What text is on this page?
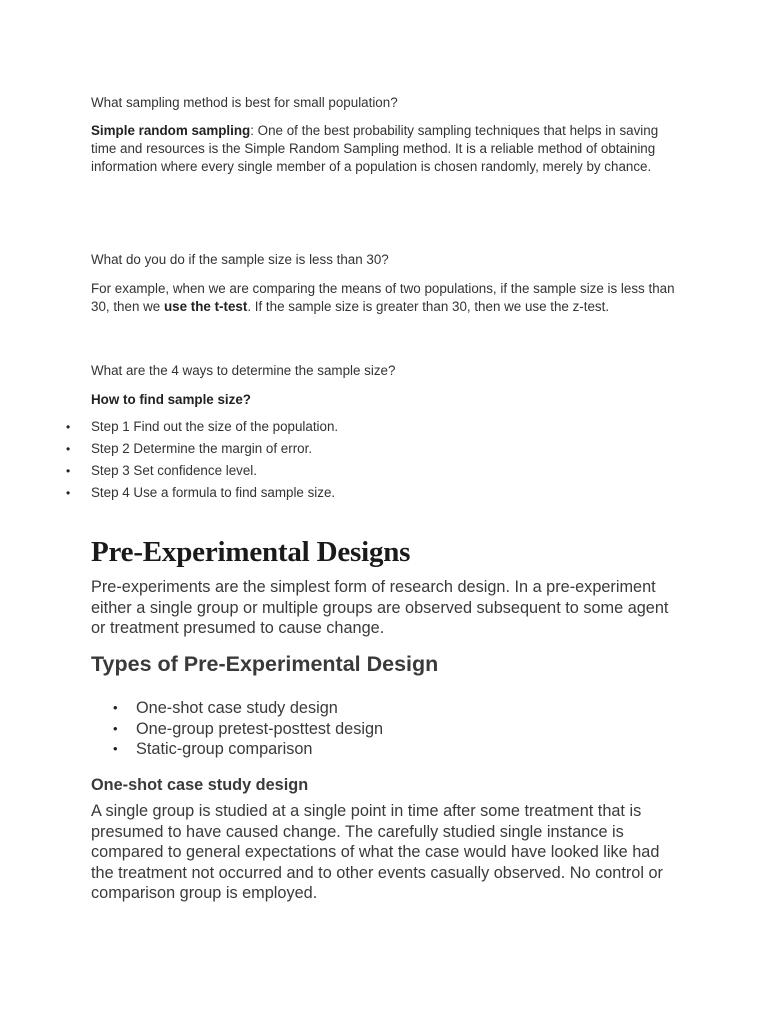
What sampling method is best for small population?

Simple random sampling: One of the best probability sampling techniques that helps in saving time and resources is the Simple Random Sampling method. It is a reliable method of obtaining information where every single member of a population is chosen randomly, merely by chance.

What do you do if the sample size is less than 30?

For example, when we are comparing the means of two populations, if the sample size is less than 30, then we use the t-test. If the sample size is greater than 30, then we use the z-test.

What are the 4 ways to determine the sample size?

How to find sample size?

• Step 1 Find out the size of the population.
• Step 2 Determine the margin of error.
• Step 3 Set confidence level.
• Step 4 Use a formula to find sample size.
Pre-Experimental Designs

Pre-experiments are the simplest form of research design. In a pre-experiment either a single group or multiple groups are observed subsequent to some agent or treatment presumed to cause change.

Types of Pre-Experimental Design
• One-shot case study design
• One-group pretest-posttest design
• Static-group comparison
One-shot case study design

A single group is studied at a single point in time after some treatment that is presumed to have caused change. The carefully studied single instance is compared to general expectations of what the case would have looked like had the treatment not occurred and to other events casually observed. No control or comparison group is employed.
